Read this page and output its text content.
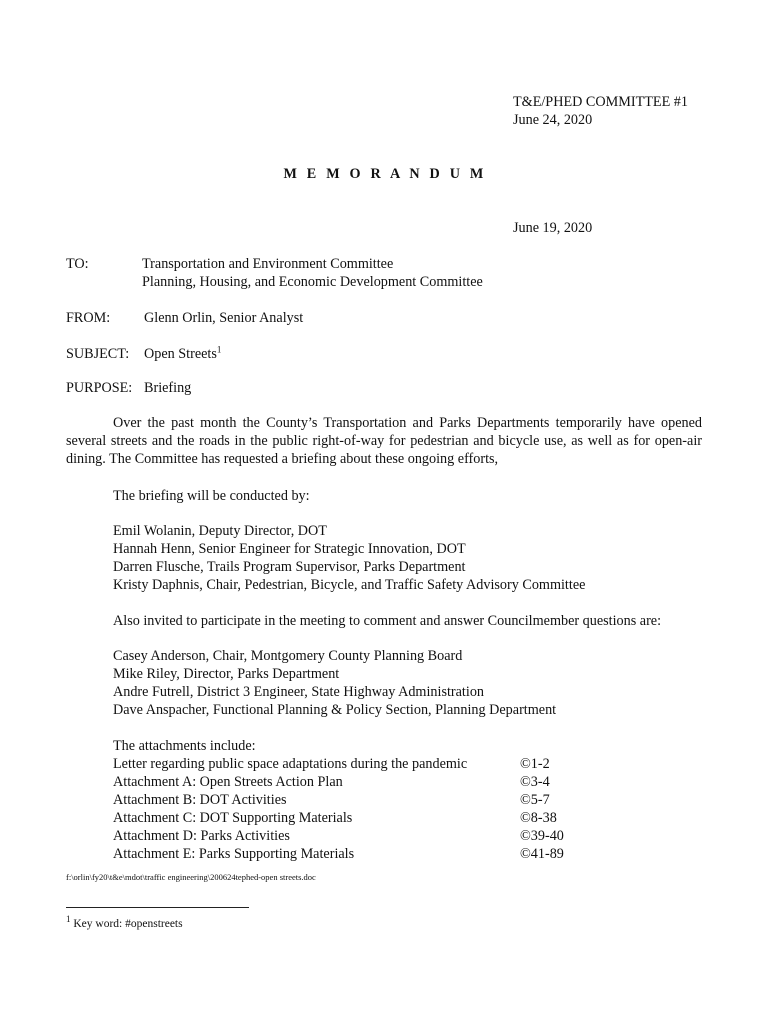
T&E/PHED COMMITTEE #1
June 24, 2020
M E M O R A N D U M
June 19, 2020
TO:	Transportation and Environment Committee
Planning, Housing, and Economic Development Committee
FROM: Glenn Orlin, Senior Analyst
SUBJECT: Open Streets$^1$
PURPOSE: Briefing
Over the past month the County’s Transportation and Parks Departments temporarily have opened several streets and the roads in the public right-of-way for pedestrian and bicycle use, as well as for open-air dining. The Committee has requested a briefing about these ongoing efforts,
The briefing will be conducted by:
Emil Wolanin, Deputy Director, DOT
Hannah Henn, Senior Engineer for Strategic Innovation, DOT
Darren Flusche, Trails Program Supervisor, Parks Department
Kristy Daphnis, Chair, Pedestrian, Bicycle, and Traffic Safety Advisory Committee
Also invited to participate in the meeting to comment and answer Councilmember questions are:
Casey Anderson, Chair, Montgomery County Planning Board
Mike Riley, Director, Parks Department
Andre Futrell, District 3 Engineer, State Highway Administration
Dave Anspacher, Functional Planning & Policy Section, Planning Department
The attachments include:
Letter regarding public space adaptations during the pandemic
Attachment A: Open Streets Action Plan
Attachment B: DOT Activities
Attachment C: DOT Supporting Materials
Attachment D: Parks Activities
Attachment E: Parks Supporting Materials
©1-2
©3-4
©5-7
©8-38
©39-40
©41-89
f:\orlin\fy20\t&e\mdot\traffic engineering\200624tephed-open streets.doc
$^1$ Key word: #openstreets
